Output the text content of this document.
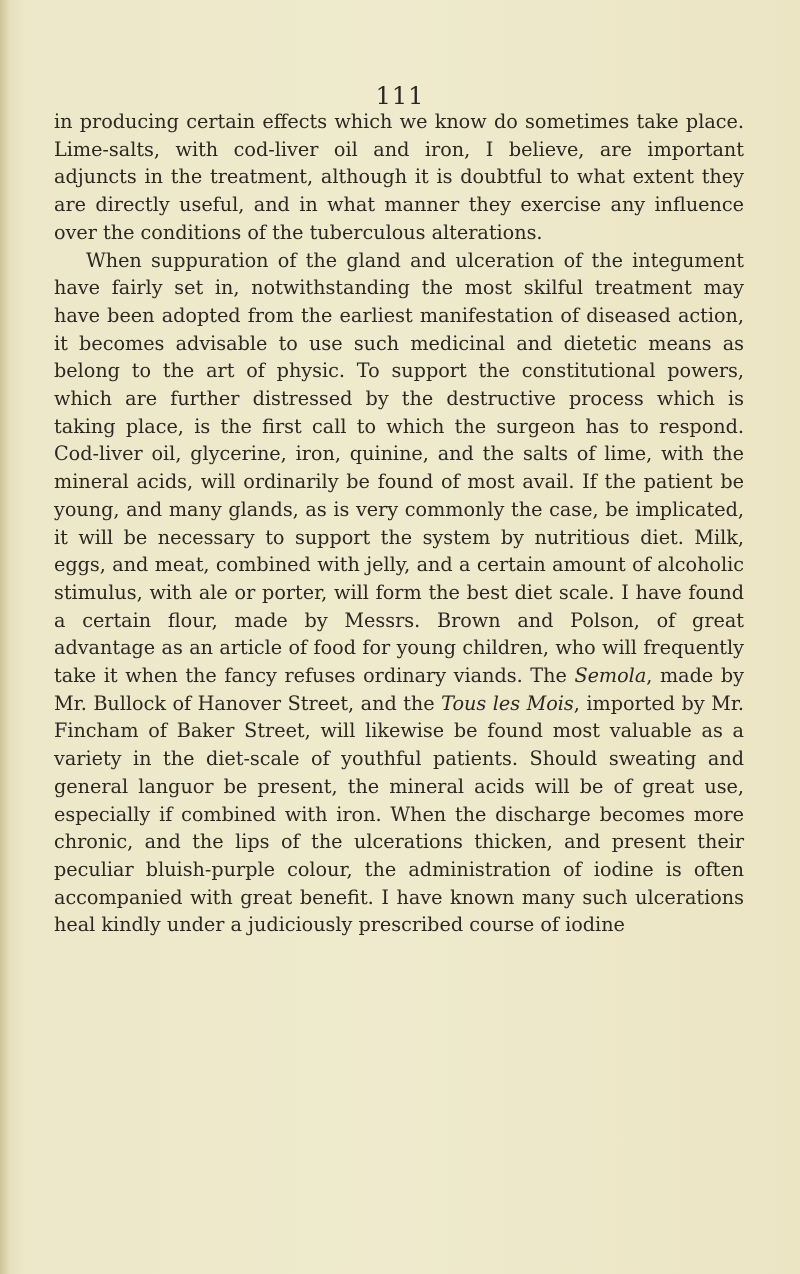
111

in producing certain effects which we know do sometimes take place. Lime-salts, with cod-liver oil and iron, I believe, are important adjuncts in the treatment, although it is doubtful to what extent they are directly useful, and in what manner they exercise any influence over the conditions of the tuberculous alterations.

When suppuration of the gland and ulceration of the integument have fairly set in, notwithstanding the most skilful treatment may have been adopted from the earliest manifestation of diseased action, it becomes advisable to use such medicinal and dietetic means as belong to the art of physic. To support the constitutional powers, which are further distressed by the destructive process which is taking place, is the first call to which the surgeon has to respond. Cod-liver oil, glycerine, iron, quinine, and the salts of lime, with the mineral acids, will ordinarily be found of most avail. If the patient be young, and many glands, as is very commonly the case, be implicated, it will be necessary to support the system by nutritious diet. Milk, eggs, and meat, combined with jelly, and a certain amount of alcoholic stimulus, with ale or porter, will form the best diet scale. I have found a certain flour, made by Messrs. Brown and Polson, of great advantage as an article of food for young children, who will frequently take it when the fancy refuses ordinary viands. The Semola, made by Mr. Bullock of Hanover Street, and the Tous les Mois, imported by Mr. Fincham of Baker Street, will likewise be found most valuable as a variety in the diet-scale of youthful patients. Should sweating and general languor be present, the mineral acids will be of great use, especially if combined with iron. When the discharge becomes more chronic, and the lips of the ulcerations thicken, and present their peculiar bluish-purple colour, the administration of iodine is often accompanied with great benefit. I have known many such ulcerations heal kindly under a judiciously prescribed course of iodine
